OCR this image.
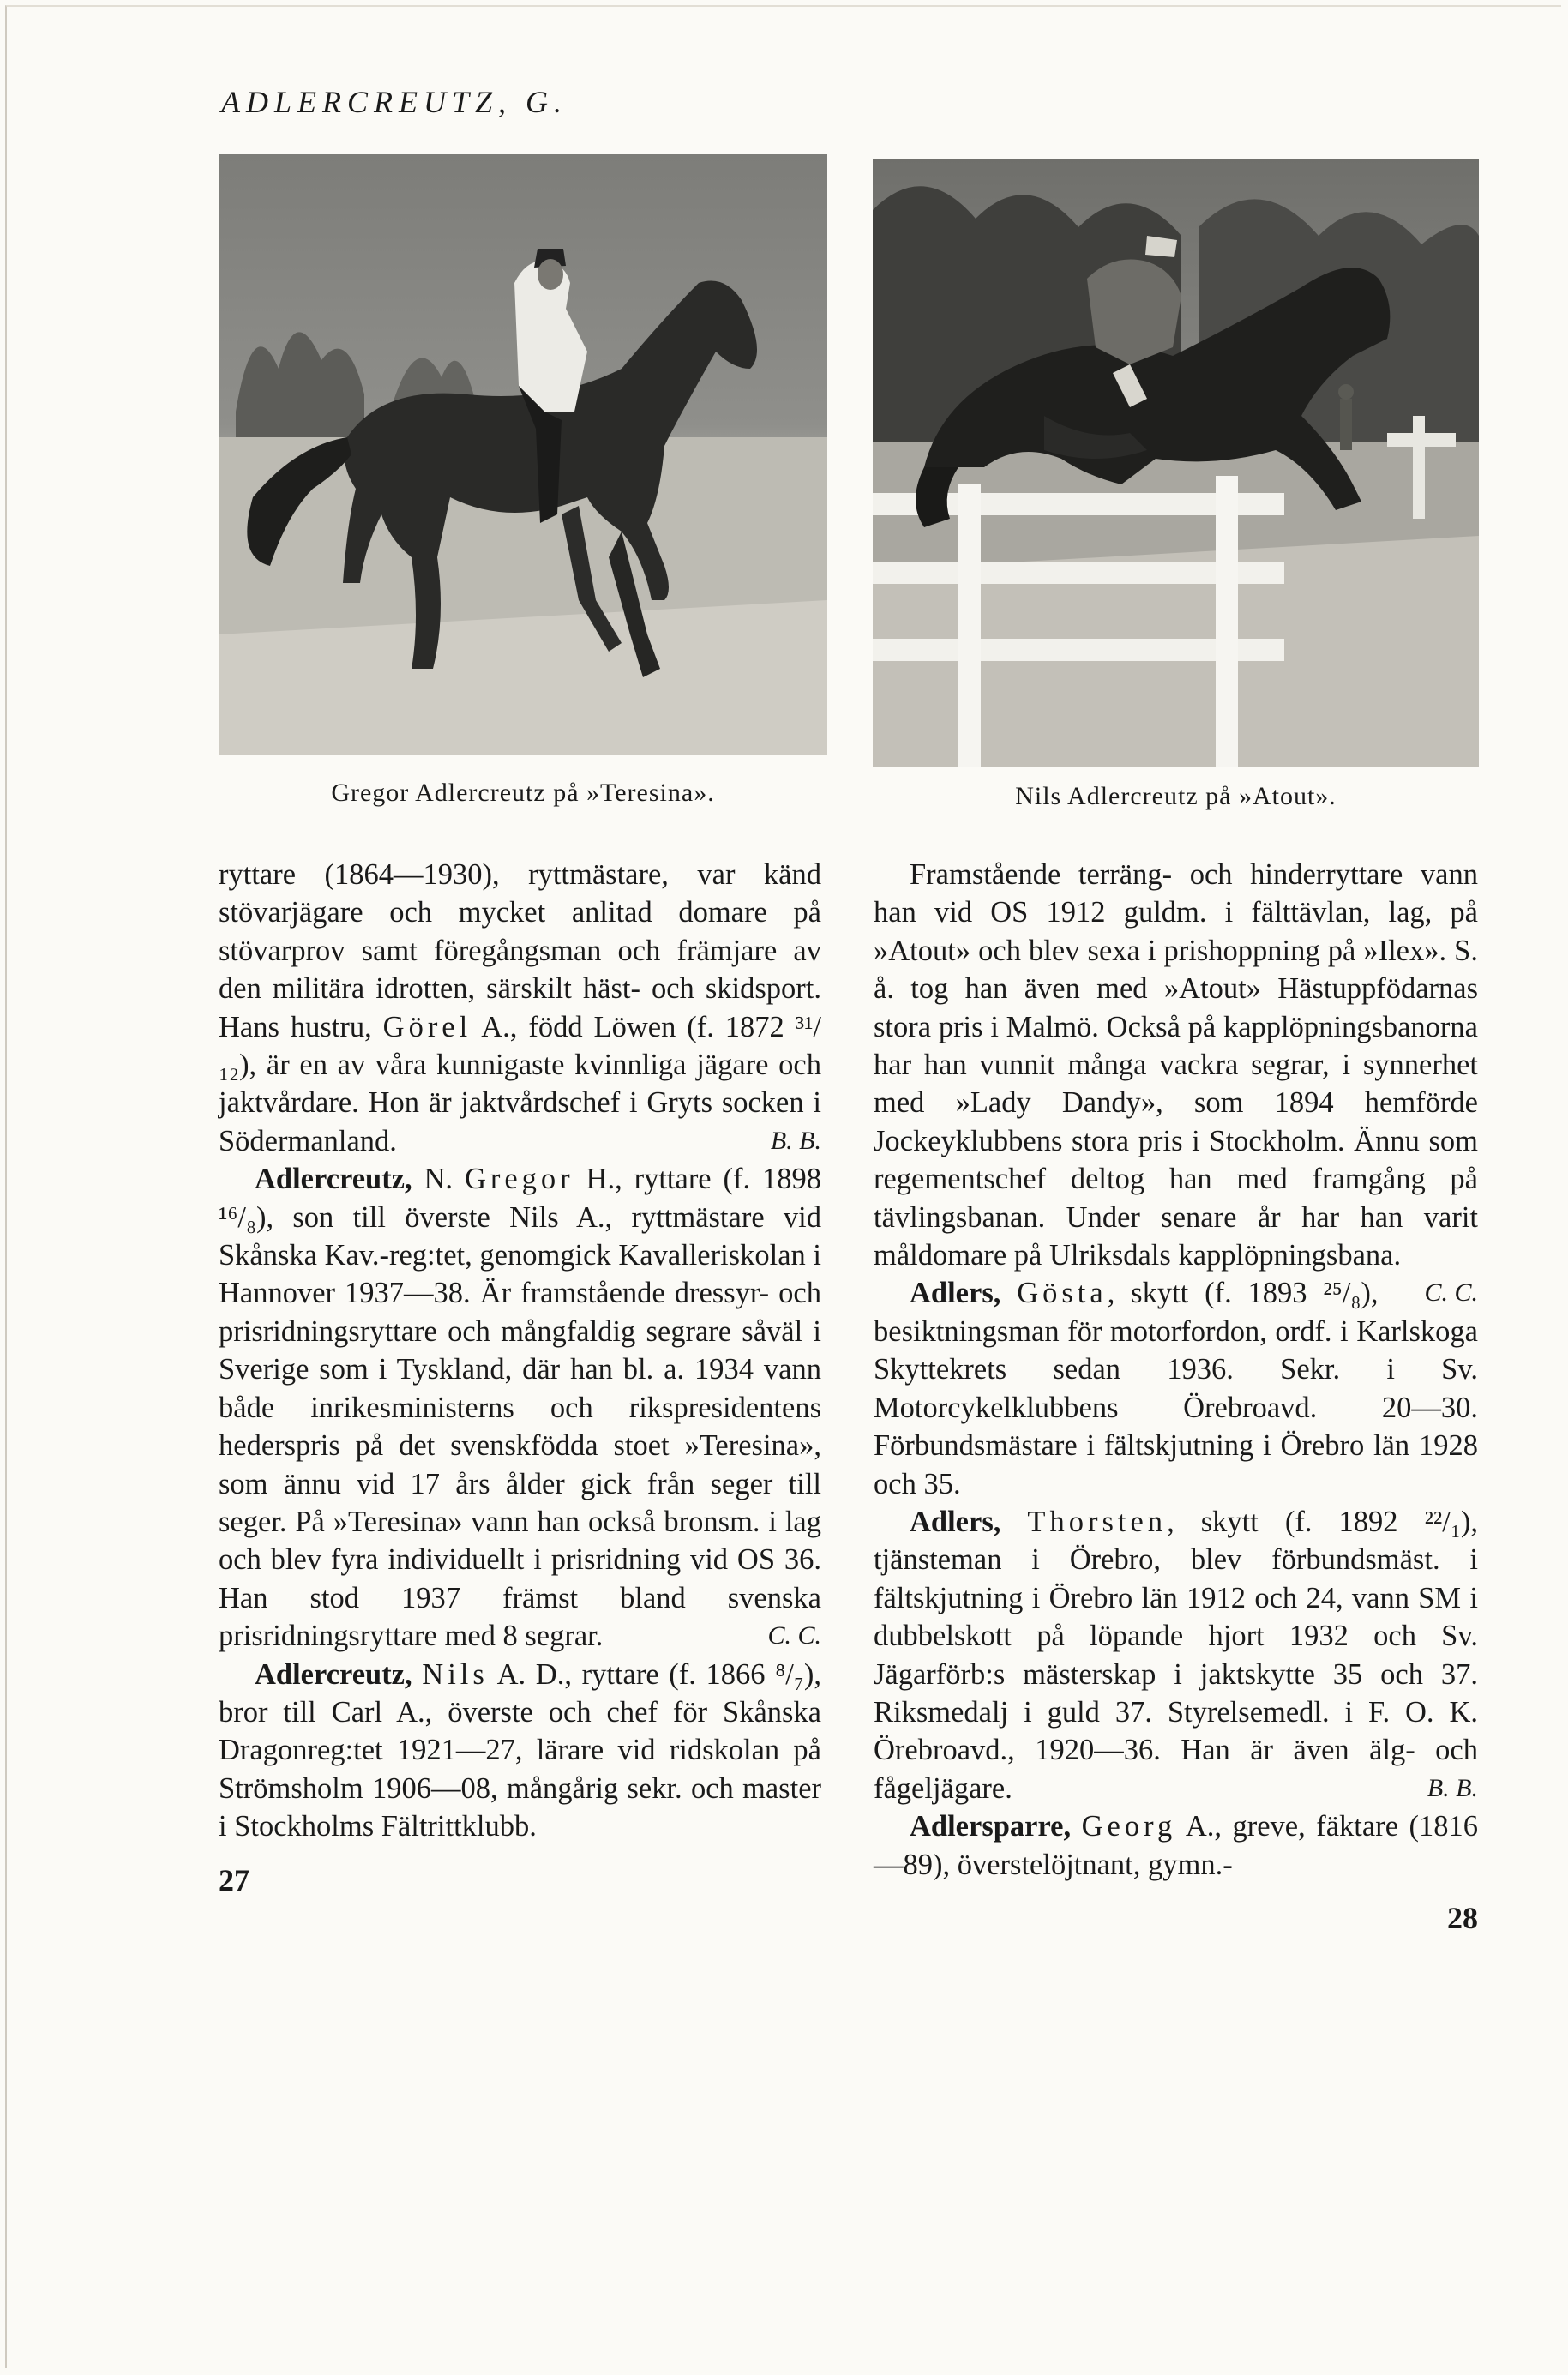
ADLERCREUTZ, G.
Gregor Adlercreutz på »Teresina».	Nils Adlercreutz på »Atout».

ryttare (1864—1930), ryttmästare, var känd stövarjägare och mycket anlitad domare på stövarprov samt föregångsman och främjare av den militära idrotten, särskilt häst- och skidsport. Hans hustru, Görel A., född Löwen (f. 1872 ³¹/₁₂), är en av våra kunnigaste kvinnliga jägare och jaktvårdare. Hon är jaktvårdschef i Gryts socken i Södermanland.	B. B.

Adlercreutz, N. Gregor H., ryttare (f. 1898 ¹⁶/₈), son till överste Nils A., ryttmästare vid Skånska Kav.-reg:tet, genomgick Kavalleriskolan i Hannover 1937—38. Är framstående dressyr- och prisridningsryttare och mångfaldig segrare såväl i Sverige som i Tyskland, där han bl. a. 1934 vann både inrikesministerns och rikspresidentens hederspris på det svenskfödda stoet »Teresina», som ännu vid 17 års ålder gick från seger till seger. På »Teresina» vann han också bronsm. i lag och blev fyra individuellt i prisridning vid OS 36. Han stod 1937 främst bland svenska prisridningsryttare med 8 segrar.	C. C.

Adlercreutz, Nils A. D., ryttare (f. 1866 ⁸/₇), bror till Carl A., överste och chef för Skånska Dragonreg:tet 1921—27, lärare vid ridskolan på Strömsholm 1906—08, mångårig sekr. och master i Stockholms Fältrittklubb.

27

Framstående terräng- och hinderryttare vann han vid OS 1912 guldm. i fälttävlan, lag, på »Atout» och blev sexa i prishoppning på »Ilex». S. å. tog han även med »Atout» Hästuppfödarnas stora pris i Malmö. Också på kapplöpningsbanorna har han vunnit många vackra segrar, i synnerhet med »Lady Dandy», som 1894 hemförde Jockeyklubbens stora pris i Stockholm. Ännu som regementschef deltog han med framgång på tävlingsbanan. Under senare år har han varit måldomare på Ulriksdals kapplöpningsbana.
C. C.

Adlers, Gösta, skytt (f. 1893 ²⁵/₈), besiktningsman för motorfordon, ordf. i Karlskoga Skyttekrets sedan 1936. Sekr. i Sv. Motorcykelklubbens Örebroavd. 20—30. Förbundsmästare i fältskjutning i Örebro län 1928 och 35.

Adlers, Thorsten, skytt (f. 1892 ²²/₁), tjänsteman i Örebro, blev förbundsmäst. i fältskjutning i Örebro län 1912 och 24, vann SM i dubbelskott på löpande hjort 1932 och Sv. Jägarförb:s mästerskap i jaktskytte 35 och 37. Riksmedalj i guld 37. Styrelsemedl. i F. O. K. Örebroavd., 1920—36. Han är även älg- och fågeljägare.	B. B.

Adlersparre, Georg A., greve, fäktare (1816—89), överstelöjtnant, gymn.-

28
